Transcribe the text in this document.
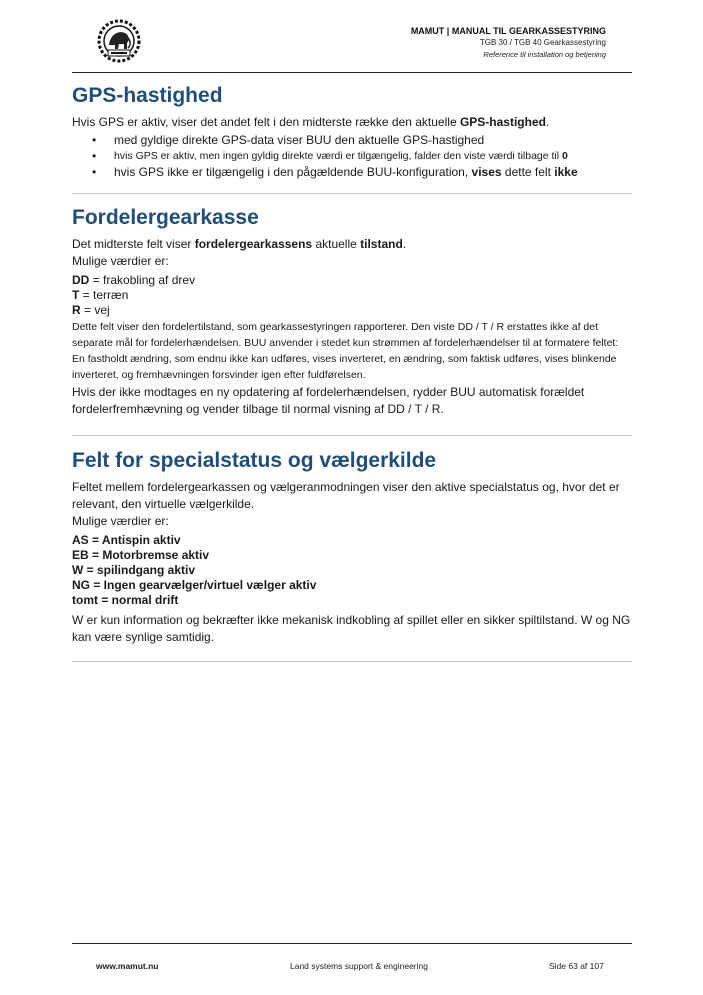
MAMUT | MANUAL TIL GEARKASSESTYRING
TGB 30 / TGB 40 Gearkassestyring
Reference til installation og betjening
GPS-hastighed

Hvis GPS er aktiv, viser det andet felt i den midterste række den aktuelle GPS-hastighed.

• med gyldige direkte GPS-data viser BUU den aktuelle GPS-hastighed
• hvis GPS er aktiv, men ingen gyldig direkte værdi er tilgængelig, falder den viste værdi tilbage til 0
• hvis GPS ikke er tilgængelig i den pågældende BUU-konfiguration, vises dette felt ikke
Fordelergearkasse

Det midterste felt viser fordelergearkassens aktuelle tilstand.

Mulige værdier er:

DD = frakobling af drev

T = terræn

R = vej

Dette felt viser den fordelertilstand, som gearkassestyringen rapporterer. Den viste DD / T / R erstattes ikke af det separate mål for fordelerhændelsen. BUU anvender i stedet kun strømmen af fordelerhændelser til at formatere feltet: En fastholdt ændring, som endnu ikke kan udføres, vises inverteret, en ændring, som faktisk udføres, vises blinkende inverteret, og fremhævningen forsvinder igen efter fuldførelsen.

Hvis der ikke modtages en ny opdatering af fordelerhændelsen, rydder BUU automatisk forældet fordelerfremhævning og vender tilbage til normal visning af DD / T / R.

Felt for specialstatus og vælgerkilde

Feltet mellem fordelergearkassen og vælgeranmodningen viser den aktive specialstatus og, hvor det er relevant, den virtuelle vælgerkilde.

Mulige værdier er:

AS = Antispin aktiv

EB = Motorbremse aktiv

W = spilindgang aktiv

NG = Ingen gearvælger/virtuel vælger aktiv

tomt = normal drift

W er kun information og bekræfter ikke mekanisk indkobling af spillet eller en sikker spiltilstand. W og NG kan være synlige samtidig.

www.mamut.nu	Land systems support & engineering	Side 63 af 107
